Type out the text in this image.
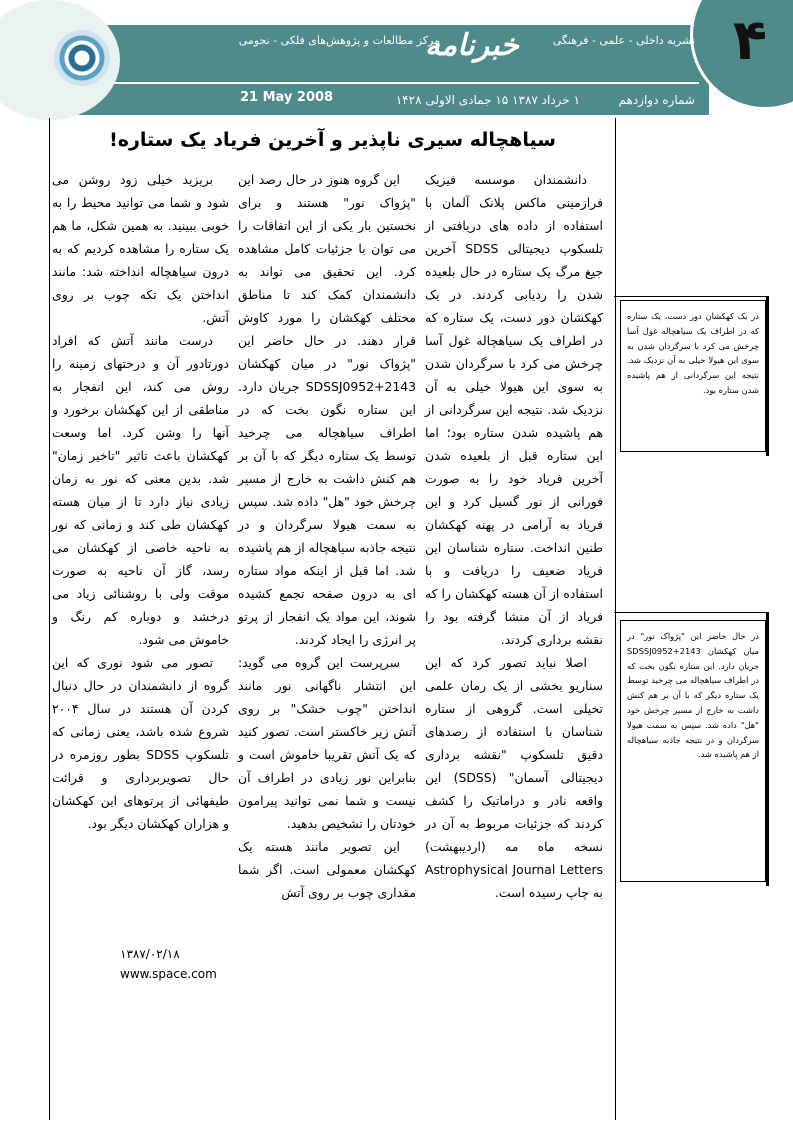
۴
نشریه داخلی - علمی - فرهنگی
خبرنامه
مرکز مطالعات و پژوهش‌های فلکی - نجومی
شماره دوازدهم
۱ خرداد ۱۳۸۷ ۱۵ جمادی الاولی ۱۴۲۸
21 May 2008
سیاهچاله سیری ناپذیر و آخرین فریاد یک ستاره!

دانشمندان موسسه فیزیک فرازمینی ماکس پلانک آلمان با استفاده از داده های دریافتی از تلسکوپ دیجیتالی SDSS آخرین جیغ مرگ یک ستاره در حال بلعیده شدن را ردیابی کردند. در یک کهکشان دور دست، یک ستاره که در اطراف یک سیاهچاله غول آسا چرخش می کرد با سرگردان شدن به سوی این هیولا خیلی به آن نزدیک شد. نتیجه این سرگردانی از هم پاشیده شدن ستاره بود؛ اما این ستاره قبل از بلعیده شدن آخرین فریاد خود را به صورت فورانی از نور گسیل کرد و این فریاد به آرامی در پهنه کهکشان طنین انداخت. ستاره شناسان این فریاد ضعیف را دریافت و با استفاده از آن هسته کهکشان را که فریاد از آن منشا گرفته بود را نقشه برداری کردند.

اصلا نباید تصور کرد که این سناریو بخشی از یک رمان علمی تخیلی است. گروهی از ستاره شناسان با استفاده از رصدهای دقیق تلسکوپ "نقشه برداری دیجیتالی آسمان" (SDSS) این واقعه نادر و دراماتیک را کشف کردند که جزئیات مربوط به آن در نسخه ماه مه (اردیبهشت) Astrophysical Journal Letters به چاپ رسیده است.

این گروه هنوز در حال رصد این "پژواک نور" هستند و برای نخستین بار یکی از این اتفاقات را می توان با جزئیات کامل مشاهده کرد. این تحقیق می تواند به دانشمندان کمک کند تا مناطق مختلف کهکشان را مورد کاوش قرار دهند. در حال حاضر این "پژواک نور" در میان کهکشان SDSSJ0952+2143 جریان دارد. این ستاره نگون بخت که در اطراف سیاهچاله می چرخید توسط یک ستاره دیگر که با آن بر هم کنش داشت به خارج از مسیر چرخش خود "هل" داده شد. سپس به سمت هیولا سرگردان و در نتیجه جاذبه سیاهچاله از هم پاشیده شد. اما قبل از اینکه مواد ستاره ای به درون صفحه تجمع کشیده شوند، این مواد یک انفجار از پرتو پر انرژی را ایجاد کردند.

سرپرست این گروه می گوید: این انتشار ناگهانی نور مانند انداختن "چوب خشک" بر روی آتش زیر خاکستر است. تصور کنید که یک آتش تقریبا خاموش است و بنابراین نور زیادی در اطراف آن نیست و شما نمی توانید پیرامون خودتان را تشخیص بدهید.

این تصویر مانند هسته یک کهکشان معمولی است. اگر شما مقداری چوب بر روی آتش

بریزید خیلی زود روشن می شود و شما می توانید محیط را به خوبی ببینید. به همین شکل، ما هم یک ستاره را مشاهده کردیم که به درون سیاهچاله انداخته شد: مانند انداختن یک تکه چوب بر روی آتش.

درست مانند آتش که افراد دورتادور آن و درختهای زمینه را روش می کند، این انفجار به مناطقی از این کهکشان برخورد و آنها را وشن کرد. اما وسعت کهکشان باعث تاثیر "تاخیر زمان" شد. بدین معنی که نور به زمان زیادی نیاز دارد تا از میان هسته کهکشان طی کند و زمانی که نور به ناحیه خاصی از کهکشان می رسد، گاز آن ناحیه به صورت موقت ولی با روشنائی زیاد می درخشد و دوباره کم رنگ و خاموش می شود.

تصور می شود نوری که این گروه از دانشمندان در حال دنبال کردن آن هستند در سال ۲۰۰۴ شروع شده باشد، یعنی زمانی که تلسکوپ SDSS بطور روزمره در حال تصویربرداری و قرائت طیفهائی از پرتوهای این کهکشان و هزاران کهکشان دیگر بود.

۱۳۸۷/۰۲/۱۸
www.space.com
در یک کهکشان دور دست، یک ستاره که در اطراف یک سیاهچاله غول آسا چرخش می کرد با سرگردان شدن به سوی این هیولا خیلی به آن نزدیک شد. نتیجه این سرگردانی از هم پاشیده شدن ستاره بود.
در حال حاضر این "پژواک نور" در میان کهکشان SDSSJ0952+2143 جریان دارد. این ستاره نگون بخت که در اطراف سیاهچاله می چرخید توسط یک ستاره دیگر که با آن بر هم کنش داشت به خارج از مسیر چرخش خود "هل" داده شد. سپس به سمت هیولا سرگردان و در نتیجه جاذبه سیاهچاله از هم پاشیده شد.
